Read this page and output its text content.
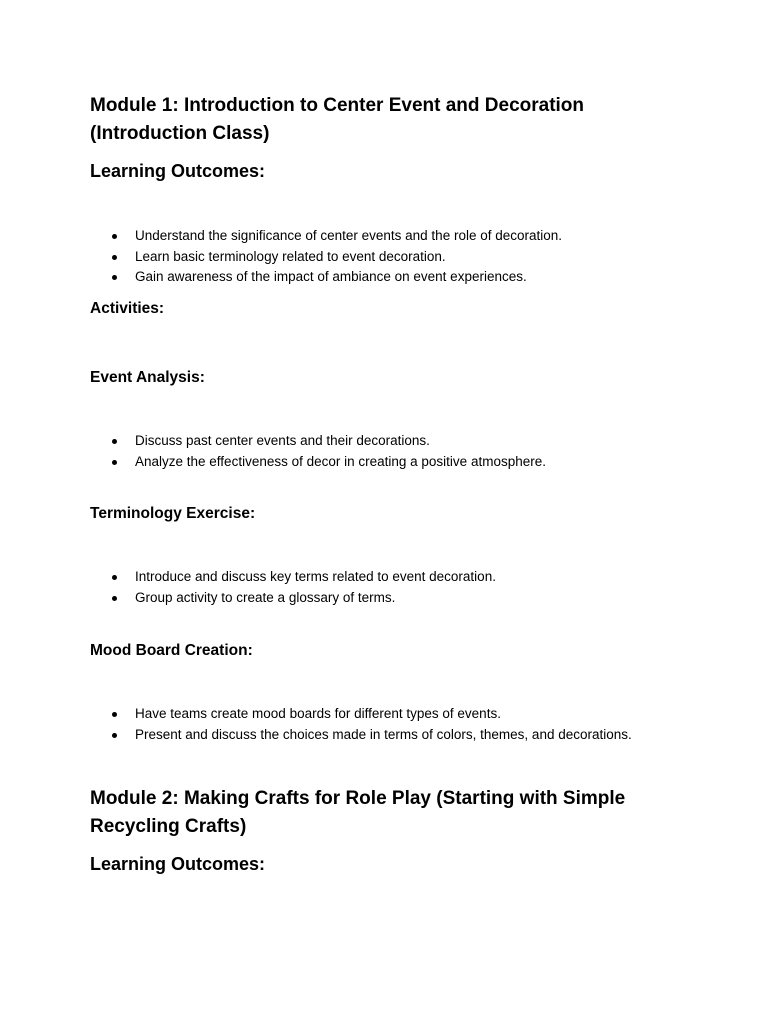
Module 1: Introduction to Center Event and Decoration (Introduction Class)
Learning Outcomes:
Understand the significance of center events and the role of decoration.
Learn basic terminology related to event decoration.
Gain awareness of the impact of ambiance on event experiences.
Activities:
Event Analysis:
Discuss past center events and their decorations.
Analyze the effectiveness of decor in creating a positive atmosphere.
Terminology Exercise:
Introduce and discuss key terms related to event decoration.
Group activity to create a glossary of terms.
Mood Board Creation:
Have teams create mood boards for different types of events.
Present and discuss the choices made in terms of colors, themes, and decorations.
Module 2: Making Crafts for Role Play (Starting with Simple Recycling Crafts)
Learning Outcomes:
